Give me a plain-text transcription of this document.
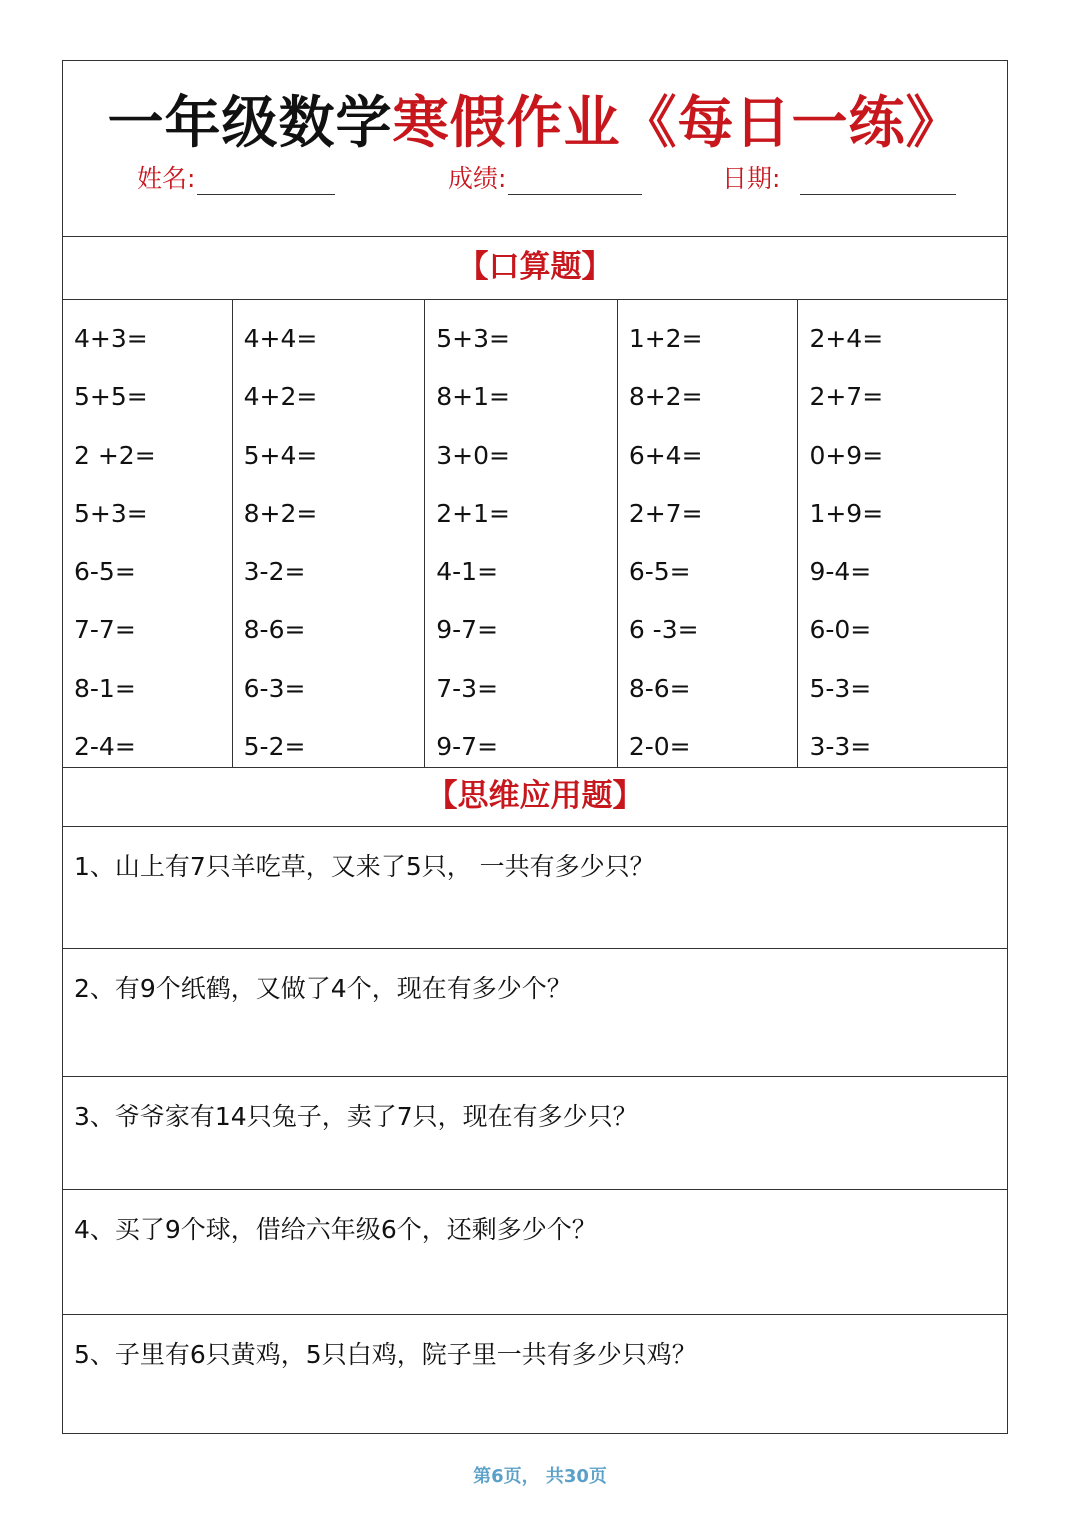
一年级数学寒假作业《每日一练》
姓名:	成绩:	日期:
【口算题】
4+3=
5+5=
2 +2=
5+3=
6-5=
7-7=
8-1=
2-4=
4+4=
4+2=
5+4=
8+2=
3-2=
8-6=
6-3=
5-2=
5+3=
8+1=
3+0=
2+1=
4-1=
9-7=
7-3=
9-7=
1+2=
8+2=
6+4=
2+7=
6-5=
6 -3=
8-6=
2-0=
2+4=
2+7=
0+9=
1+9=
9-4=
6-0=
5-3=
3-3=
【思维应用题】
1、山上有7只羊吃草，又来了5只， 一共有多少只？
2、有9个纸鹤，又做了4个，现在有多少个？
3、爷爷家有14只兔子，卖了7只，现在有多少只？
4、买了9个球，借给六年级6个，还剩多少个？
5、子里有6只黄鸡，5只白鸡，院子里一共有多少只鸡？
第6页， 共30页
